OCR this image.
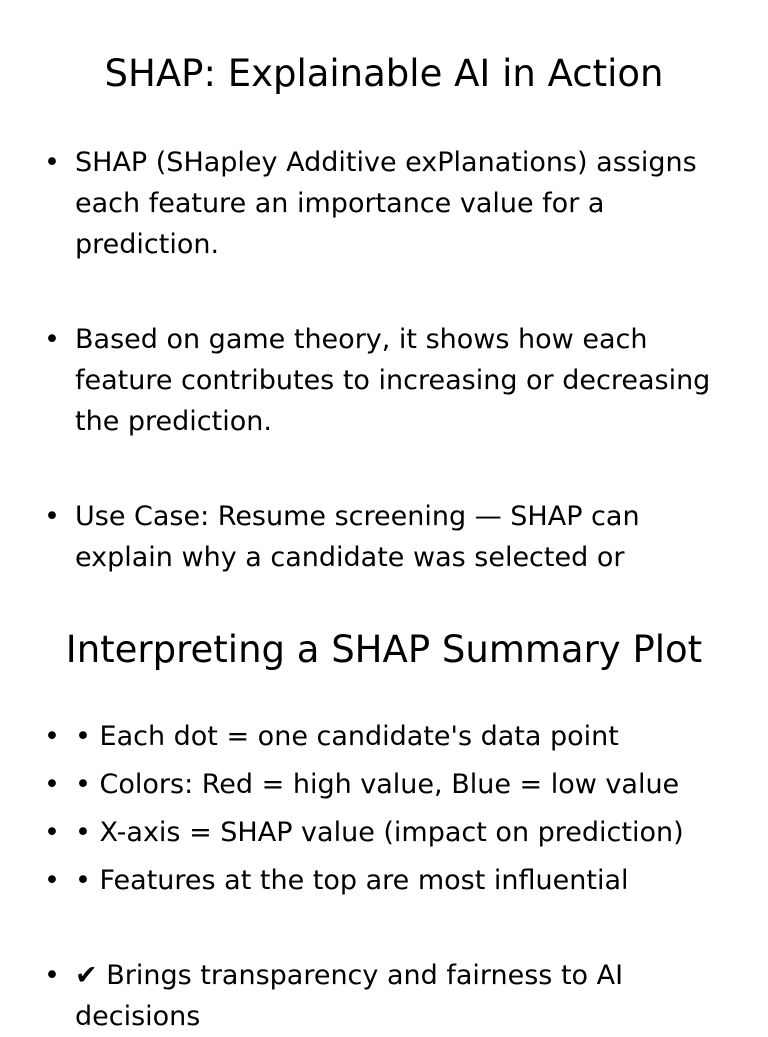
SHAP: Explainable AI in Action
• SHAP (SHapley Additive exPlanations) assigns each feature an importance value for a prediction.
• Based on game theory, it shows how each feature contributes to increasing or decreasing the prediction.
• Use Case: Resume screening — SHAP can explain why a candidate was selected or
Interpreting a SHAP Summary Plot
• • Each dot = one candidate's data point
• • Colors: Red = high value, Blue = low value
• • X-axis = SHAP value (impact on prediction)
• • Features at the top are most influential
• ✔ Brings transparency and fairness to AI decisions
